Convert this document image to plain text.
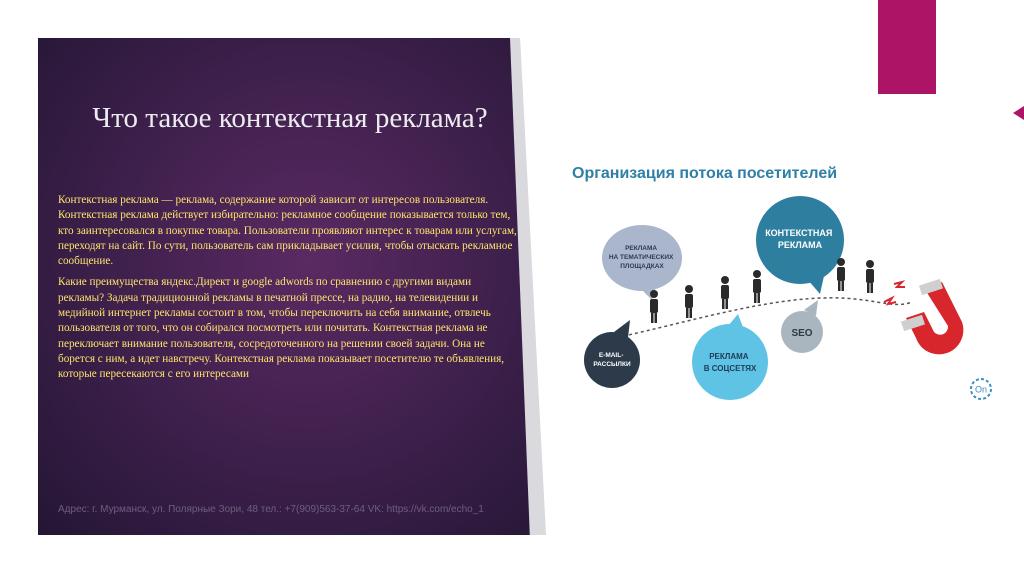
Что такое контекстная реклама?

Контекстная реклама — реклама, содержание которой зависит от интересов пользователя. Контекстная реклама действует избирательно: рекламное сообщение показывается только тем, кто заинтересовался в покупке товара. Пользователи проявляют интерес к товарам или услугам, переходят на сайт. По сути, пользователь сам прикладывает усилия, чтобы отыскать рекламное сообщение.

Какие преимущества яндекс.Директ и google adwords по сравнению с другими видами рекламы? Задача традиционной рекламы в печатной прессе, на радио, на телевидении и медийной интернет рекламы состоит в том, чтобы переключить на себя внимание, отвлечь пользователя от того, что он собирался посмотреть или почитать. Контекстная реклама не переключает внимание пользователя, сосредоточенного на решении своей задачи. Она не борется с ним, а идет навстречу. Контекстная реклама показывает посетителю те объявления, которые пересекаются с его интересами

Адрес: г. Мурманск, ул. Полярные Зори, 48 тел.: +7(909)563-37-64 VK: https://vk.com/echo_1
Организация потока посетителей
РЕКЛАМА НА ТЕМАТИЧЕСКИХ ПЛОЩАДКАХ
КОНТЕКСТНАЯ РЕКЛАМА
E-MAIL- РАССЫЛКИ
РЕКЛАМА В СОЦСЕТЯХ
SEO
On
